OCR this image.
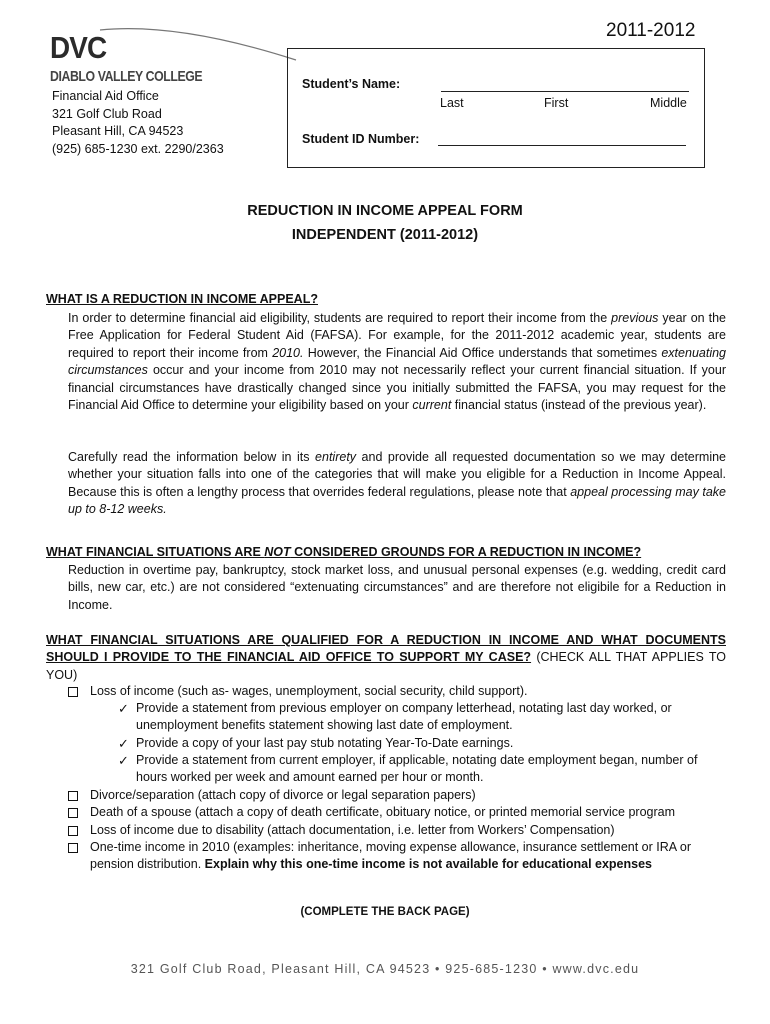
2011-2012
DVC
DIABLO VALLEY COLLEGE
Financial Aid Office
321 Golf Club Road
Pleasant Hill, CA 94523
(925) 685-1230 ext. 2290/2363
Student’s Name:
Last	First	Middle
Student ID Number:
REDUCTION IN INCOME APPEAL FORM
INDEPENDENT (2011-2012)
WHAT IS A REDUCTION IN INCOME APPEAL?
In order to determine financial aid eligibility, students are required to report their income from the previous year on the Free Application for Federal Student Aid (FAFSA). For example, for the 2011-2012 academic year, students are required to report their income from 2010. However, the Financial Aid Office understands that sometimes extenuating circumstances occur and your income from 2010 may not necessarily reflect your current financial situation. If your financial circumstances have drastically changed since you initially submitted the FAFSA, you may request for the Financial Aid Office to determine your eligibility based on your current financial status (instead of the previous year).
Carefully read the information below in its entirety and provide all requested documentation so we may determine whether your situation falls into one of the categories that will make you eligible for a Reduction in Income Appeal. Because this is often a lengthy process that overrides federal regulations, please note that appeal processing may take up to 8-12 weeks.
WHAT FINANCIAL SITUATIONS ARE NOT CONSIDERED GROUNDS FOR A REDUCTION IN INCOME?
Reduction in overtime pay, bankruptcy, stock market loss, and unusual personal expenses (e.g. wedding, credit card bills, new car, etc.) are not considered “extenuating circumstances” and are therefore not eligibile for a Reduction in Income.
WHAT FINANCIAL SITUATIONS ARE QUALIFIED FOR A REDUCTION IN INCOME AND WHAT DOCUMENTS SHOULD I PROVIDE TO THE FINANCIAL AID OFFICE TO SUPPORT MY CASE? (CHECK ALL THAT APPLIES TO YOU)
Loss of income (such as- wages, unemployment, social security, child support).
✓ Provide a statement from previous employer on company letterhead, notating last day worked, or unemployment benefits statement showing last date of employment.
✓ Provide a copy of your last pay stub notating Year-To-Date earnings.
✓ Provide a statement from current employer, if applicable, notating date employment began, number of hours worked per week and amount earned per hour or month.
Divorce/separation (attach copy of divorce or legal separation papers)
Death of a spouse (attach a copy of death certificate, obituary notice, or printed memorial service program
Loss of income due to disability (attach documentation, i.e. letter from Workers’ Compensation)
One-time income in 2010 (examples: inheritance, moving expense allowance, insurance settlement or IRA or pension distribution. Explain why this one-time income is not available for educational expenses
(COMPLETE THE BACK PAGE)
321 Golf Club Road, Pleasant Hill, CA 94523 • 925-685-1230 • www.dvc.edu
